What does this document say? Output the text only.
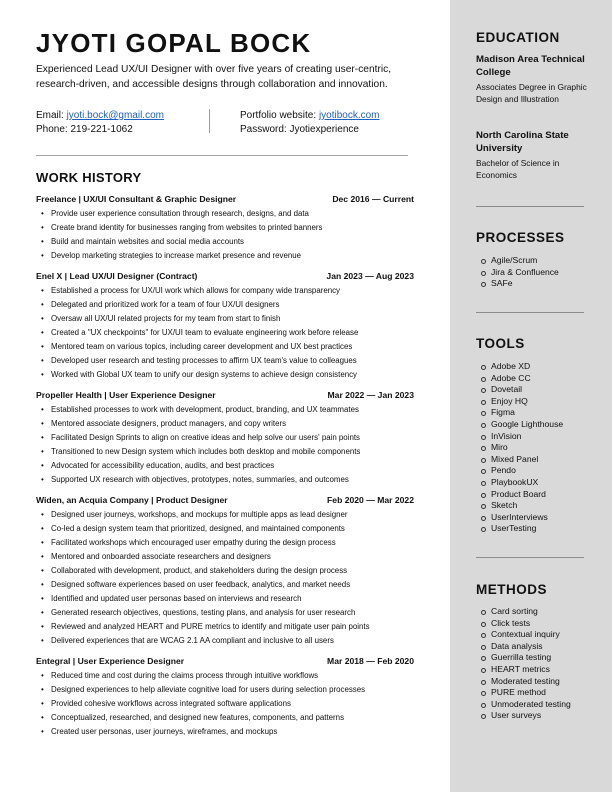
JYOTI GOPAL BOCK
Experienced Lead UX/UI Designer with over five years of creating user-centric, research-driven, and accessible designs through collaboration and innovation.
Email: jyoti.bock@gmail.com
Phone: 219-221-1062
Portfolio website: jyotibock.com
Password: Jyotiexperience
WORK HISTORY
Freelance | UX/UI Consultant & Graphic Designer	Dec 2016 — Current
• Provide user experience consultation through research, designs, and data
• Create brand identity for businesses ranging from websites to printed banners
• Build and maintain websites and social media accounts
• Develop marketing strategies to increase market presence and revenue
Enel X | Lead UX/UI Designer (Contract)	Jan 2023 — Aug 2023
• Established a process for UX/UI work which allows for company wide transparency
• Delegated and prioritized work for a team of four UX/UI designers
• Oversaw all UX/UI related projects for my team from start to finish
• Created a "UX checkpoints" for UX/UI team to evaluate engineering work before release
• Mentored team on various topics, including career development and UX best practices
• Developed user research and testing processes to affirm UX team's value to colleagues
• Worked with Global UX team to unify our design systems to achieve design consistency
Propeller Health | User Experience Designer	Mar 2022 — Jan 2023
• Established processes to work with development, product, branding, and UX teammates
• Mentored associate designers, product managers, and copy writers
• Facilitated Design Sprints to align on creative ideas and help solve our users' pain points
• Transitioned to new Design system which includes both desktop and mobile components
• Advocated for accessibility education, audits, and best practices
• Supported UX research with objectives, prototypes, notes, summaries, and outcomes
Widen, an Acquia Company | Product Designer	Feb 2020 — Mar 2022
• Designed user journeys, workshops, and mockups for multiple apps as lead designer
• Co-led a design system team that prioritized, designed, and maintained components
• Facilitated workshops which encouraged user empathy during the design process
• Mentored and onboarded associate researchers and designers
• Collaborated with development, product, and stakeholders during the design process
• Designed software experiences based on user feedback, analytics, and market needs
• Identified and updated user personas based on interviews and research
• Generated research objectives, questions, testing plans, and analysis for user research
• Reviewed and analyzed HEART and PURE metrics to identify and mitigate user pain points
• Delivered experiences that are WCAG 2.1 AA compliant and inclusive to all users
Entegral | User Experience Designer	Mar 2018 — Feb 2020
• Reduced time and cost during the claims process through intuitive workflows
• Designed experiences to help alleviate cognitive load for users during selection processes
• Provided cohesive workflows across integrated software applications
• Conceptualized, researched, and designed new features, components, and patterns
• Created user personas, user journeys, wireframes, and mockups
EDUCATION
Madison Area Technical College
Associates Degree in Graphic Design and Illustration
North Carolina State University
Bachelor of Science in Economics
PROCESSES
Agile/Scrum
Jira & Confluence
SAFe
TOOLS
Adobe XD
Adobe CC
Dovetail
Enjoy HQ
Figma
Google Lighthouse
InVision
Miro
Mixed Panel
Pendo
PlaybookUX
Product Board
Sketch
UserInterviews
UserTesting
METHODS
Card sorting
Click tests
Contextual inquiry
Data analysis
Guerrilla testing
HEART metrics
Moderated testing
PURE method
Unmoderated testing
User surveys
